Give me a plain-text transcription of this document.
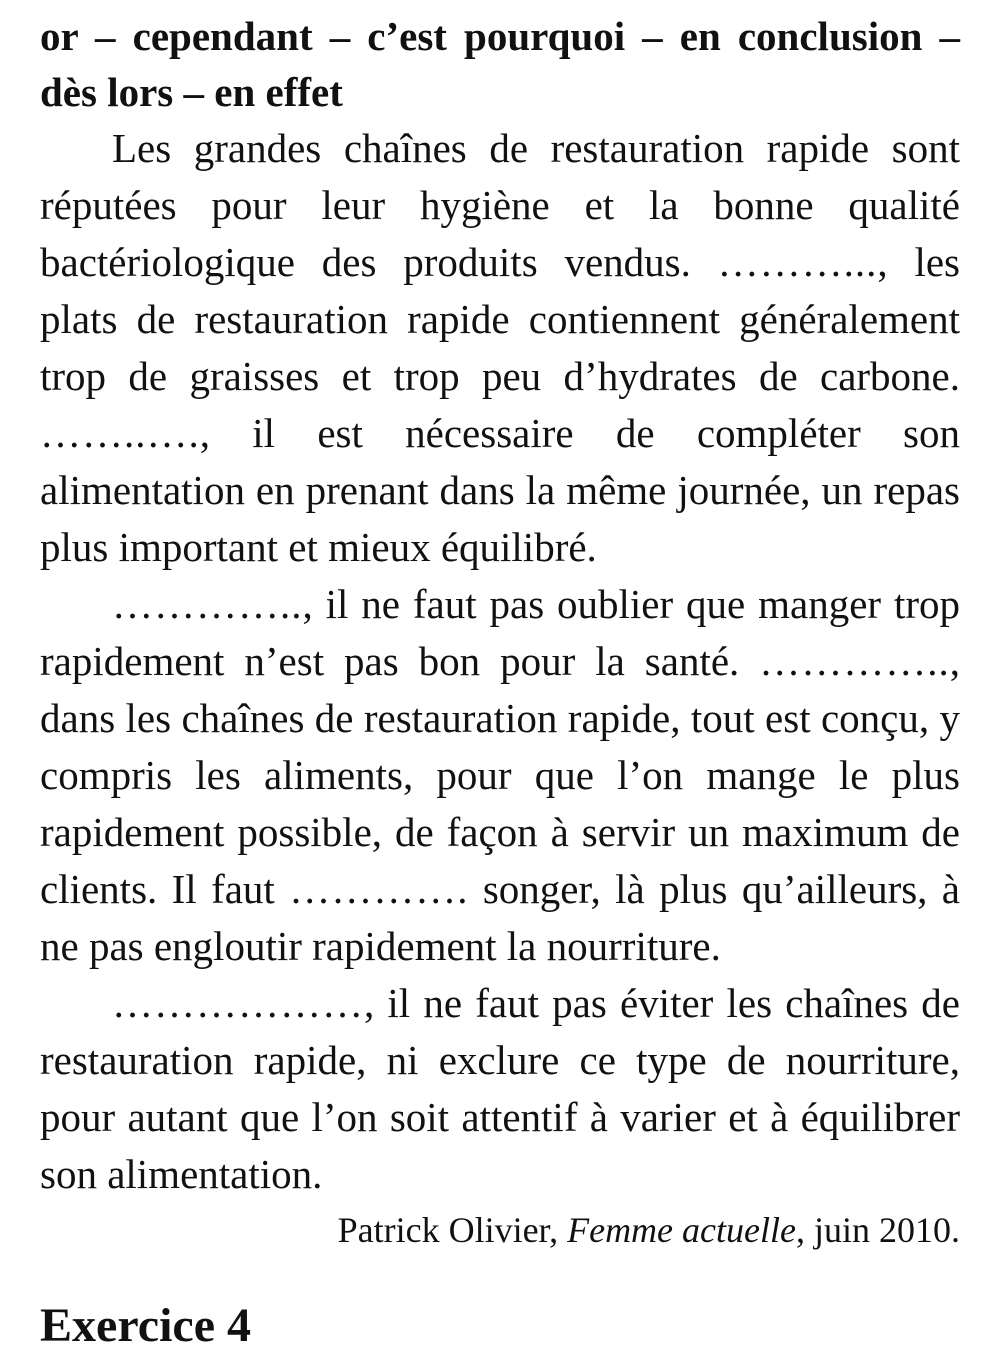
or – cependant – c’est pourquoi – en conclusion – dès lors – en effet

Les grandes chaînes de restauration rapide sont réputées pour leur hygiène et la bonne qualité bactériologique des produits vendus. ………..., les plats de restauration rapide contiennent généralement trop de graisses et trop peu d’hydrates de carbone. ……..…., il est nécessaire de compléter son alimentation en prenant dans la même journée, un repas plus important et mieux équilibré.

………….., il ne faut pas oublier que manger trop rapidement n’est pas bon pour la santé. ………….., dans les chaînes de restauration rapide, tout est conçu, y compris les aliments, pour que l’on mange le plus rapidement possible, de façon à servir un maximum de clients. Il faut …………. songer, là plus qu’ailleurs, à ne pas engloutir rapidement la nourriture.

………………, il ne faut pas éviter les chaînes de restauration rapide, ni exclure ce type de nourriture, pour autant que l’on soit attentif à varier et à équilibrer son alimentation.

Patrick Olivier, Femme actuelle, juin 2010.

Exercice 4
